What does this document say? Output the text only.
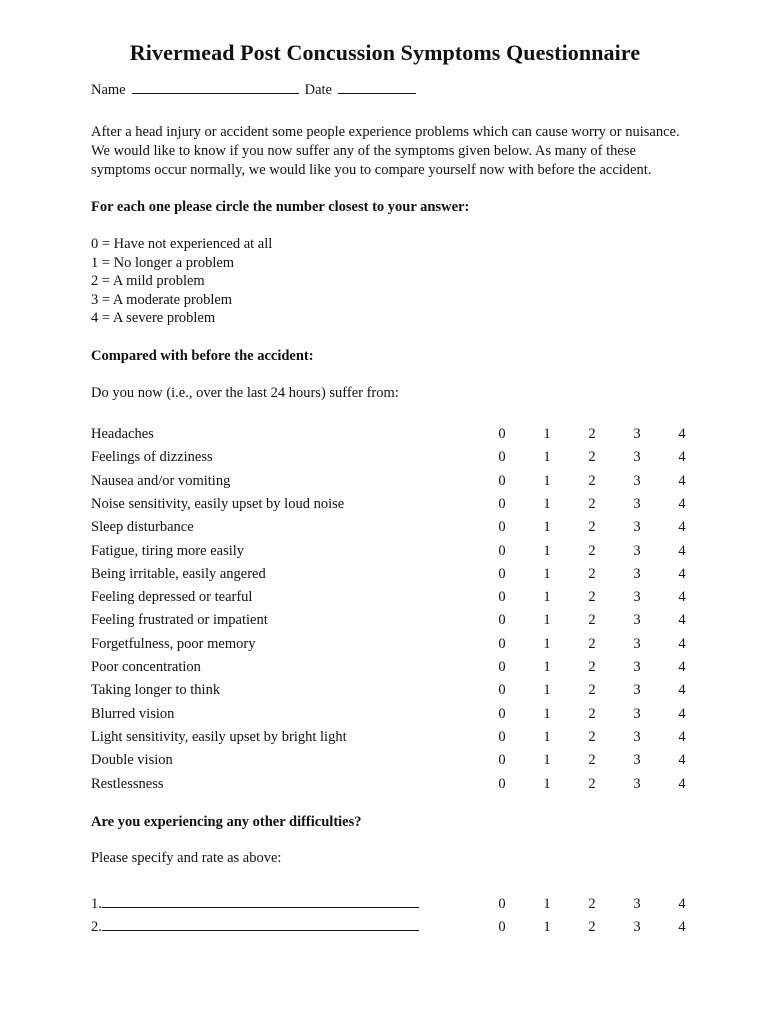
Rivermead Post Concussion Symptoms Questionnaire
Name	Date

After a head injury or accident some people experience problems which can cause worry or nuisance.
We would like to know if you now suffer any of the symptoms given below. As many of these
symptoms occur normally, we would like you to compare yourself now with before the accident.

For each one please circle the number closest to your answer:

0 = Have not experienced at all
1 = No longer a problem
2 = A mild problem
3 = A moderate problem
4 = A severe problem

Compared with before the accident:

Do you now (i.e., over the last 24 hours) suffer from:

Headaches	0	1	2	3	4
Feelings of dizziness	0	1	2	3	4
Nausea and/or vomiting	0	1	2	3	4
Noise sensitivity, easily upset by loud noise	0	1	2	3	4
Sleep disturbance	0	1	2	3	4
Fatigue, tiring more easily	0	1	2	3	4
Being irritable, easily angered	0	1	2	3	4
Feeling depressed or tearful	0	1	2	3	4
Feeling frustrated or impatient	0	1	2	3	4
Forgetfulness, poor memory	0	1	2	3	4
Poor concentration	0	1	2	3	4
Taking longer to think	0	1	2	3	4
Blurred vision	0	1	2	3	4
Light sensitivity, easily upset by bright light	0	1	2	3	4
Double vision	0	1	2	3	4
Restlessness	0	1	2	3	4

Are you experiencing any other difficulties?

Please specify and rate as above:

1.	0	1	2	3	4
2.	0	1	2	3	4
